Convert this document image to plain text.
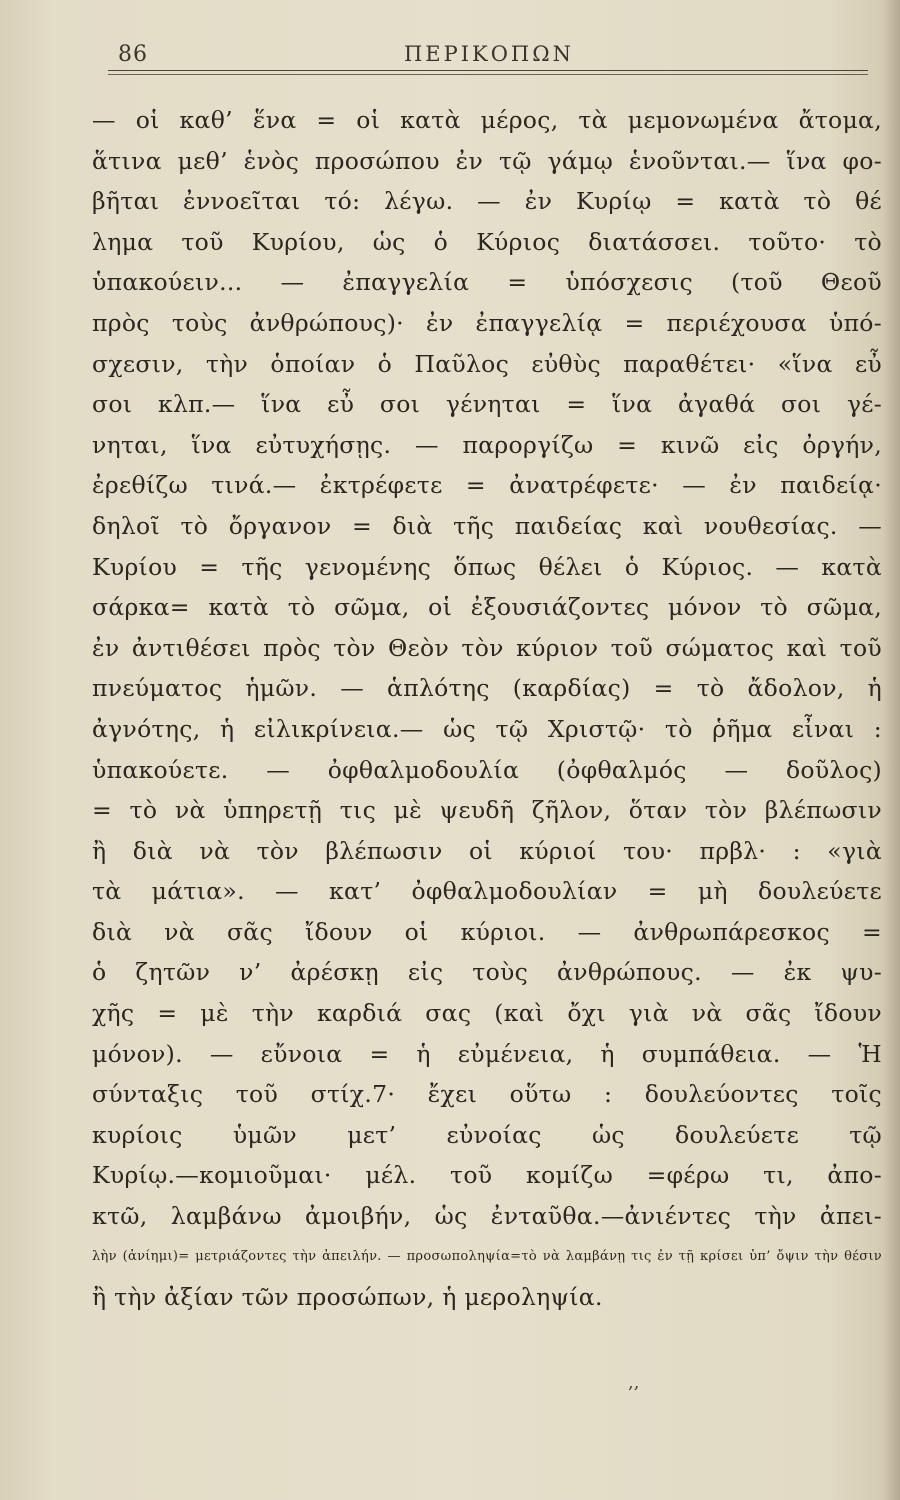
86	ΠΕΡΙΚΟΠΩΝ
— οἱ καθ’ ἕνα = οἱ κατὰ μέρος, τὰ μεμονωμένα ἄτομα,
ἅτινα μεθ’ ἑνὸς προσώπου ἐν τῷ γάμῳ ἑνοῦνται.— ἵνα φο-
βῆται ἐννοεῖται τό: λέγω. — ἐν Κυρίῳ = κατὰ τὸ θέ
λημα τοῦ Κυρίου, ὡς ὁ Κύριος διατάσσει. τοῦτο· τὸ
ὑπακούειν... — ἐπαγγελία = ὑπόσχεσις (τοῦ Θεοῦ
πρὸς τοὺς ἀνθρώπους)· ἐν ἐπαγγελίᾳ = περιέχουσα ὑπό-
σχεσιν, τὴν ὁποίαν ὁ Παῦλος εὐθὺς παραθέτει· «ἵνα εὖ
σοι κλπ.— ἵνα εὖ σοι γένηται = ἵνα ἀγαθά σοι γέ-
νηται, ἵνα εὐτυχήσῃς. — παροργίζω = κινῶ εἰς ὀργήν,
ἐρεθίζω τινά.— ἐκτρέφετε = ἀνατρέφετε· — ἐν παιδείᾳ·
δηλοῖ τὸ ὄργανον = διὰ τῆς παιδείας καὶ νουθεσίας. —
Κυρίου = τῆς γενομένης ὅπως θέλει ὁ Κύριος. — κατὰ
σάρκα= κατὰ τὸ σῶμα, οἱ ἐξουσιάζοντες μόνον τὸ σῶμα,
ἐν ἀντιθέσει πρὸς τὸν Θεὸν τὸν κύριον τοῦ σώματος καὶ τοῦ
πνεύματος ἡμῶν. — ἁπλότης (καρδίας) = τὸ ἄδολον, ἡ
ἀγνότης, ἡ εἰλικρίνεια.— ὡς τῷ Χριστῷ· τὸ ῥῆμα εἶναι :
ὑπακούετε. — ὀφθαλμοδουλία (ὀφθαλμός — δοῦλος)
= τὸ νὰ ὑπηρετῇ τις μὲ ψευδῆ ζῆλον, ὅταν τὸν βλέπωσιν
ἢ διὰ νὰ τὸν βλέπωσιν οἱ κύριοί του· πρβλ· : «γιὰ
τὰ μάτια». — κατ’ ὀφθαλμοδουλίαν = μὴ δουλεύετε
διὰ νὰ σᾶς ἴδουν οἱ κύριοι. — ἀνθρωπάρεσκος =
ὁ ζητῶν ν’ ἀρέσκῃ εἰς τοὺς ἀνθρώπους. — ἐκ ψυ-
χῆς = μὲ τὴν καρδιά σας (καὶ ὄχι γιὰ νὰ σᾶς ἴδουν
μόνον). — εὔνοια = ἡ εὐμένεια, ἡ συμπάθεια. — Ἡ
σύνταξις τοῦ στίχ.7· ἔχει οὕτω : δουλεύοντες τοῖς
κυρίοις ὑμῶν μετ’ εὐνοίας ὡς δουλεύετε τῷ
Κυρίῳ.—κομιοῦμαι· μέλ. τοῦ κομίζω =φέρω τι, ἀπο-
κτῶ, λαμβάνω ἀμοιβήν, ὡς ἐνταῦθα.—ἀνιέντες τὴν ἀπει-
λὴν (ἀνίημι)= μετριάζοντες τὴν ἀπειλήν. — προσωποληψία=τὸ νὰ λαμβάνῃ τις ἐν τῇ κρίσει ὑπ’ ὄψιν τὴν θέσιν
ἢ τὴν ἀξίαν τῶν προσώπων, ἡ μεροληψία.
,,
